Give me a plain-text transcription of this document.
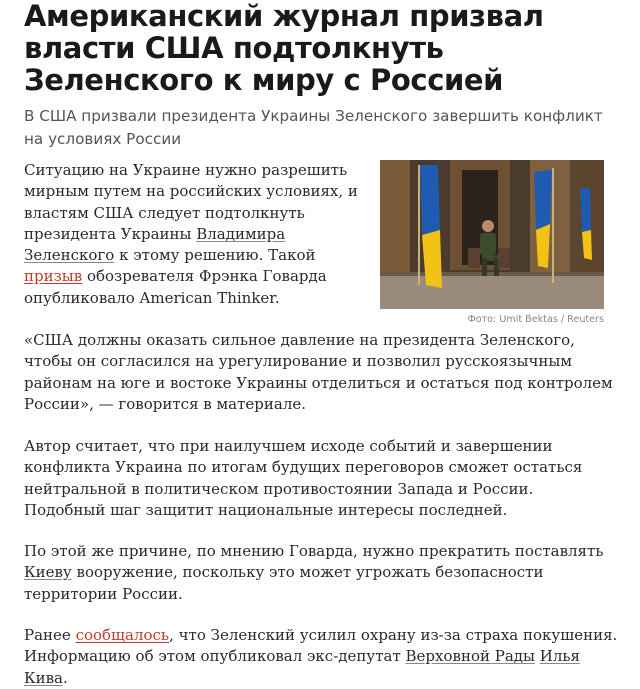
Американский журнал призвал власти США подтолкнуть Зеленского к миру с Россией

В США призвали президента Украины Зеленского завершить конфликт на условиях России

Фото: Umit Bektas / Reuters

Ситуацию на Украине нужно разрешить мирным путем на российских условиях, и властям США следует подтолкнуть президента Украины Владимира Зеленского к этому решению. Такой призыв обозревателя Фрэнка Говарда опубликовало American Thinker.

«США должны оказать сильное давление на президента Зеленского, чтобы он согласился на урегулирование и позволил русскоязычным районам на юге и востоке Украины отделиться и остаться под контролем России», — говорится в материале.

Автор считает, что при наилучшем исходе событий и завершении конфликта Украина по итогам будущих переговоров сможет остаться нейтральной в политическом противостоянии Запада и России. Подобный шаг защитит национальные интересы последней.

По этой же причине, по мнению Говарда, нужно прекратить поставлять Киеву вооружение, поскольку это может угрожать безопасности территории России.

Ранее сообщалось, что Зеленский усилил охрану из-за страха покушения. Информацию об этом опубликовал экс-депутат Верховной Рады Илья Кива.
